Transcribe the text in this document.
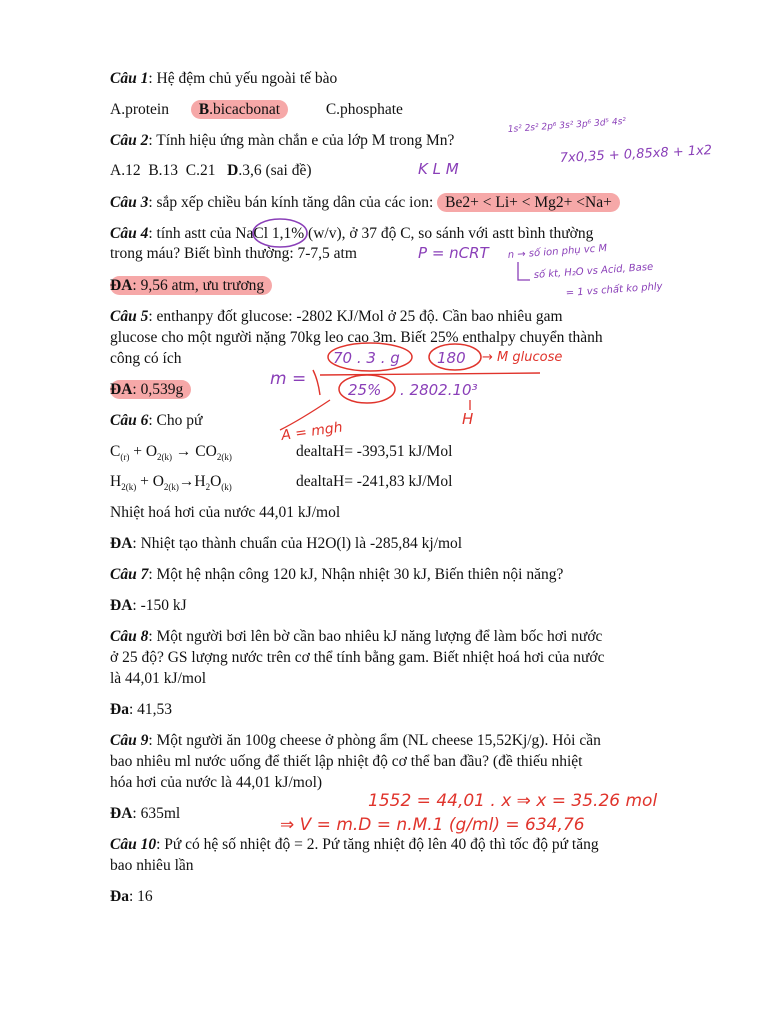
Câu 1: Hệ đệm chủ yếu ngoài tế bào
A.protein B.bicacbonat	C.phosphate
Câu 2: Tính hiệu ứng màn chắn e của lớp M trong Mn?
A.12  B.13  C.21 D.3,6 (sai đề)
Câu 3: sắp xếp chiều bán kính tăng dân của các ion: Be2+ < Li+ < Mg2+ <Na+
Câu 4: tính astt của NaCl 1,1% (w/v), ở 37 độ C, so sánh với astt bình thường
trong máu? Biết bình thường: 7-7,5 atm
ĐA: 9,56 atm, ưu trương
Câu 5: enthanpy đốt glucose: -2802 KJ/Mol ở 25 độ. Cần bao nhiêu gam
glucose cho một người nặng 70kg leo cao 3m. Biết 25% enthalpy chuyển thành
công có ích
ĐA: 0,539g
Câu 6: Cho pứ
$C_{(r)} + O_{2(k)} \to CO_{2(k)}$	dealtaH= -393,51 kJ/Mol
$H_{2(k)} + O_{2(k)}\to H_2O_{(k)}$	dealtaH= -241,83 kJ/Mol
Nhiệt hoá hơi của nước 44,01 kJ/mol
ĐA: Nhiệt tạo thành chuẩn của H2O(l) là -285,84 kj/mol
Câu 7: Một hệ nhận công 120 kJ, Nhận nhiệt 30 kJ, Biến thiên nội năng?
ĐA: -150 kJ
Câu 8: Một người bơi lên bờ cần bao nhiêu kJ năng lượng để làm bốc hơi nước
ở 25 độ? GS lượng nước trên cơ thể tính bằng gam. Biết nhiệt hoá hơi của nước
là 44,01 kJ/mol
Đa: 41,53
Câu 9: Một người ăn 100g cheese ở phòng ẩm (NL cheese 15,52Kj/g). Hỏi cần
bao nhiêu ml nước uống để thiết lập nhiệt độ cơ thể ban đầu? (đề thiếu nhiệt
hóa hơi của nước là 44,01 kJ/mol)
ĐA: 635ml
Câu 10: Pứ có hệ số nhiệt độ = 2. Pứ tăng nhiệt độ lên 40 độ thì tốc độ pứ tăng
bao nhiêu lần
Đa: 16
1s² 2s² 2p⁶ 3s² 3p⁶ 3d⁵ 4s²
7x0,35 + 0,85x8 + 1x2
K L M
P = nCRT n → số ion phụ vc M
số kt, H₂O vs Acid, Base
= 1 vs chất ko phly
m =
70 . 3 . g 180 → M glucose
25% . 2802.10³
A = mgh
H
1552 = 44,01 . x ⇒ x = 35.26 mol
⇒ V = m.D = n.M.1 (g/ml) = 634,76
